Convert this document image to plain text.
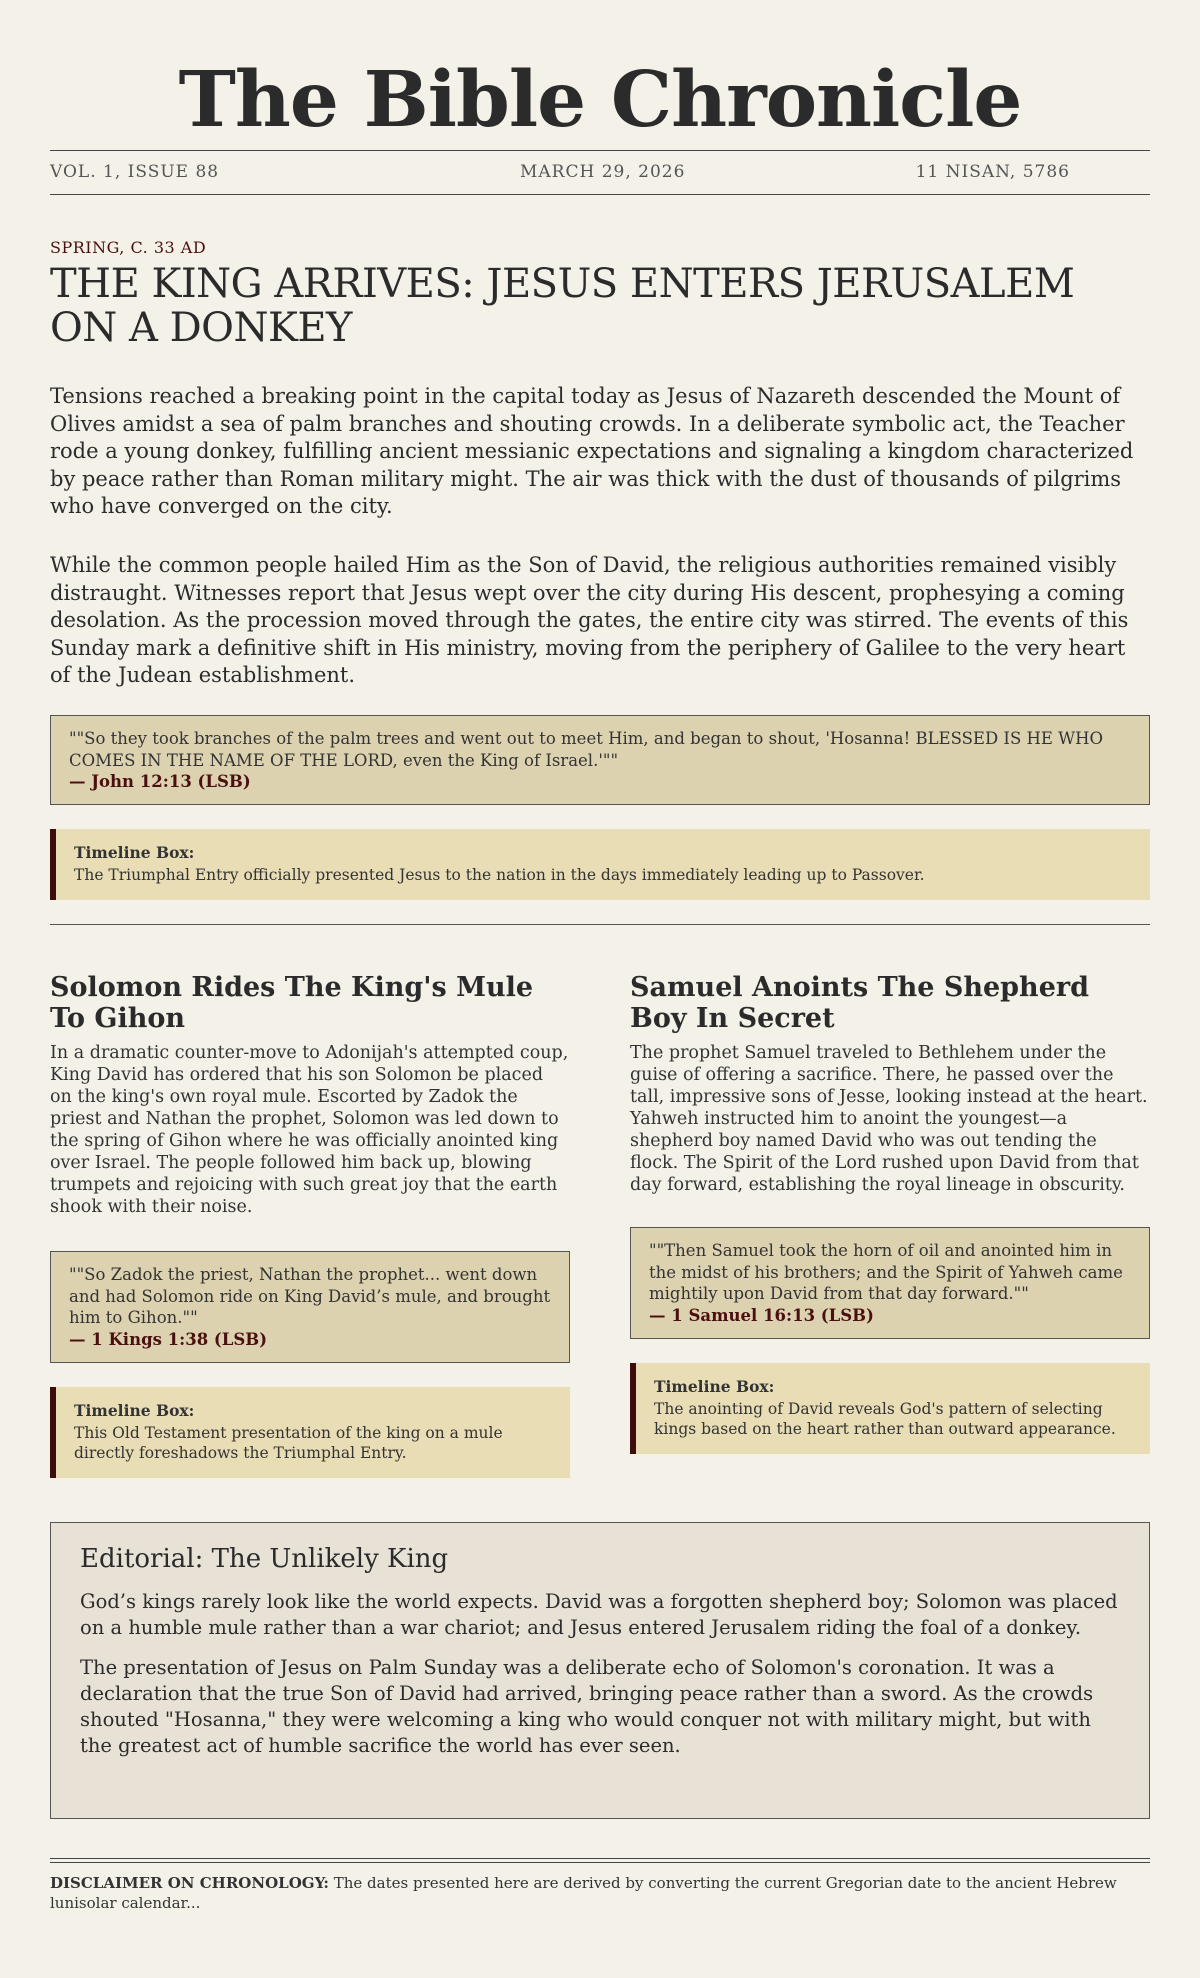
The Bible Chronicle
VOL. 1, ISSUE 88	MARCH 29, 2026	11 NISAN, 5786
SPRING, C. 33 AD
THE KING ARRIVES: JESUS ENTERS JERUSALEM ON A DONKEY

Tensions reached a breaking point in the capital today as Jesus of Nazareth descended the Mount of Olives amidst a sea of palm branches and shouting crowds. In a deliberate symbolic act, the Teacher rode a young donkey, fulfilling ancient messianic expectations and signaling a kingdom characterized by peace rather than Roman military might. The air was thick with the dust of thousands of pilgrims who have converged on the city.

While the common people hailed Him as the Son of David, the religious authorities remained visibly distraught. Witnesses report that Jesus wept over the city during His descent, prophesying a coming desolation. As the procession moved through the gates, the entire city was stirred. The events of this Sunday mark a definitive shift in His ministry, moving from the periphery of Galilee to the very heart of the Judean establishment.

""So they took branches of the palm trees and went out to meet Him, and began to shout, 'Hosanna! BLESSED IS HE WHO COMES IN THE NAME OF THE LORD, even the King of Israel.'""
— John 12:13 (LSB)
Timeline Box:
The Triumphal Entry officially presented Jesus to the nation in the days immediately leading up to Passover.
Solomon Rides The King's Mule To Gihon

In a dramatic counter-move to Adonijah's attempted coup, King David has ordered that his son Solomon be placed on the king's own royal mule. Escorted by Zadok the priest and Nathan the prophet, Solomon was led down to the spring of Gihon where he was officially anointed king over Israel. The people followed him back up, blowing trumpets and rejoicing with such great joy that the earth shook with their noise.

""So Zadok the priest, Nathan the prophet... went down and had Solomon ride on King David’s mule, and brought him to Gihon.""
— 1 Kings 1:38 (LSB)
Timeline Box:
This Old Testament presentation of the king on a mule directly foreshadows the Triumphal Entry.
Samuel Anoints The Shepherd Boy In Secret

The prophet Samuel traveled to Bethlehem under the guise of offering a sacrifice. There, he passed over the tall, impressive sons of Jesse, looking instead at the heart. Yahweh instructed him to anoint the youngest—a shepherd boy named David who was out tending the flock. The Spirit of the Lord rushed upon David from that day forward, establishing the royal lineage in obscurity.

""Then Samuel took the horn of oil and anointed him in the midst of his brothers; and the Spirit of Yahweh came mightily upon David from that day forward.""
— 1 Samuel 16:13 (LSB)
Timeline Box:
The anointing of David reveals God's pattern of selecting kings based on the heart rather than outward appearance.
Editorial: The Unlikely King

God’s kings rarely look like the world expects. David was a forgotten shepherd boy; Solomon was placed on a humble mule rather than a war chariot; and Jesus entered Jerusalem riding the foal of a donkey.

The presentation of Jesus on Palm Sunday was a deliberate echo of Solomon's coronation. It was a declaration that the true Son of David had arrived, bringing peace rather than a sword. As the crowds shouted "Hosanna," they were welcoming a king who would conquer not with military might, but with the greatest act of humble sacrifice the world has ever seen.

DISCLAIMER ON CHRONOLOGY: The dates presented here are derived by converting the current Gregorian date to the ancient Hebrew lunisolar calendar...
